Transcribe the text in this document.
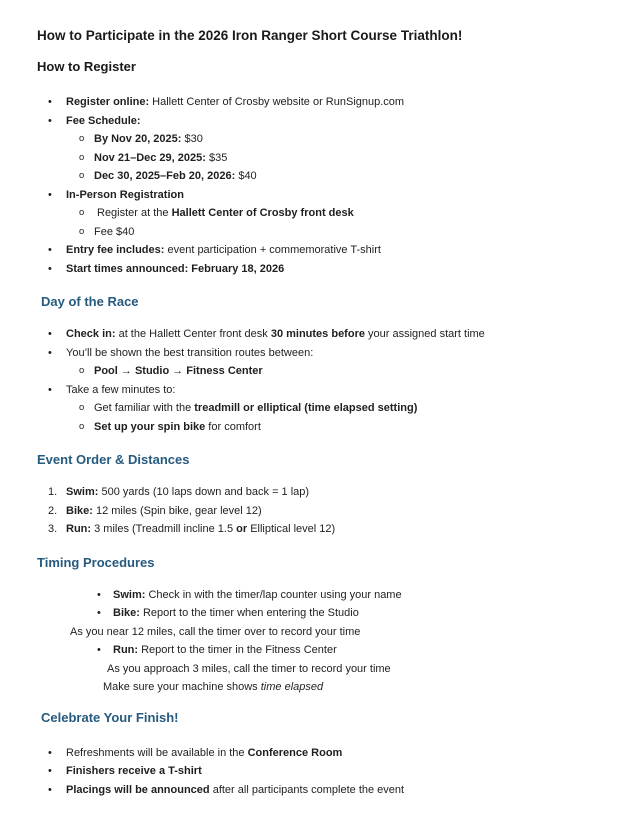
How to Participate in the 2026 Iron Ranger Short Course Triathlon!
How to Register
• Register online: Hallett Center of Crosby website or RunSignup.com
• Fee Schedule:
o By Nov 20, 2025: $30
o Nov 21–Dec 29, 2025: $35
o Dec 30, 2025–Feb 20, 2026: $40
• In-Person Registration
o Register at the Hallett Center of Crosby front desk
o Fee $40
• Entry fee includes: event participation + commemorative T-shirt
• Start times announced: February 18, 2026
Day of the Race
• Check in: at the Hallett Center front desk 30 minutes before your assigned start time
• You’ll be shown the best transition routes between:
o Pool → Studio → Fitness Center
• Take a few minutes to:
o Get familiar with the treadmill or elliptical (time elapsed setting)
o Set up your spin bike for comfort
Event Order & Distances
1. Swim: 500 yards (10 laps down and back = 1 lap)
2. Bike: 12 miles (Spin bike, gear level 12)
3. Run: 3 miles (Treadmill incline 1.5 or Elliptical level 12)
Timing Procedures
• Swim: Check in with the timer/lap counter using your name
• Bike: Report to the timer when entering the Studio
As you near 12 miles, call the timer over to record your time
• Run: Report to the timer in the Fitness Center
As you approach 3 miles, call the timer to record your time
Make sure your machine shows time elapsed
Celebrate Your Finish!
• Refreshments will be available in the Conference Room
• Finishers receive a T-shirt
• Placings will be announced after all participants complete the event
